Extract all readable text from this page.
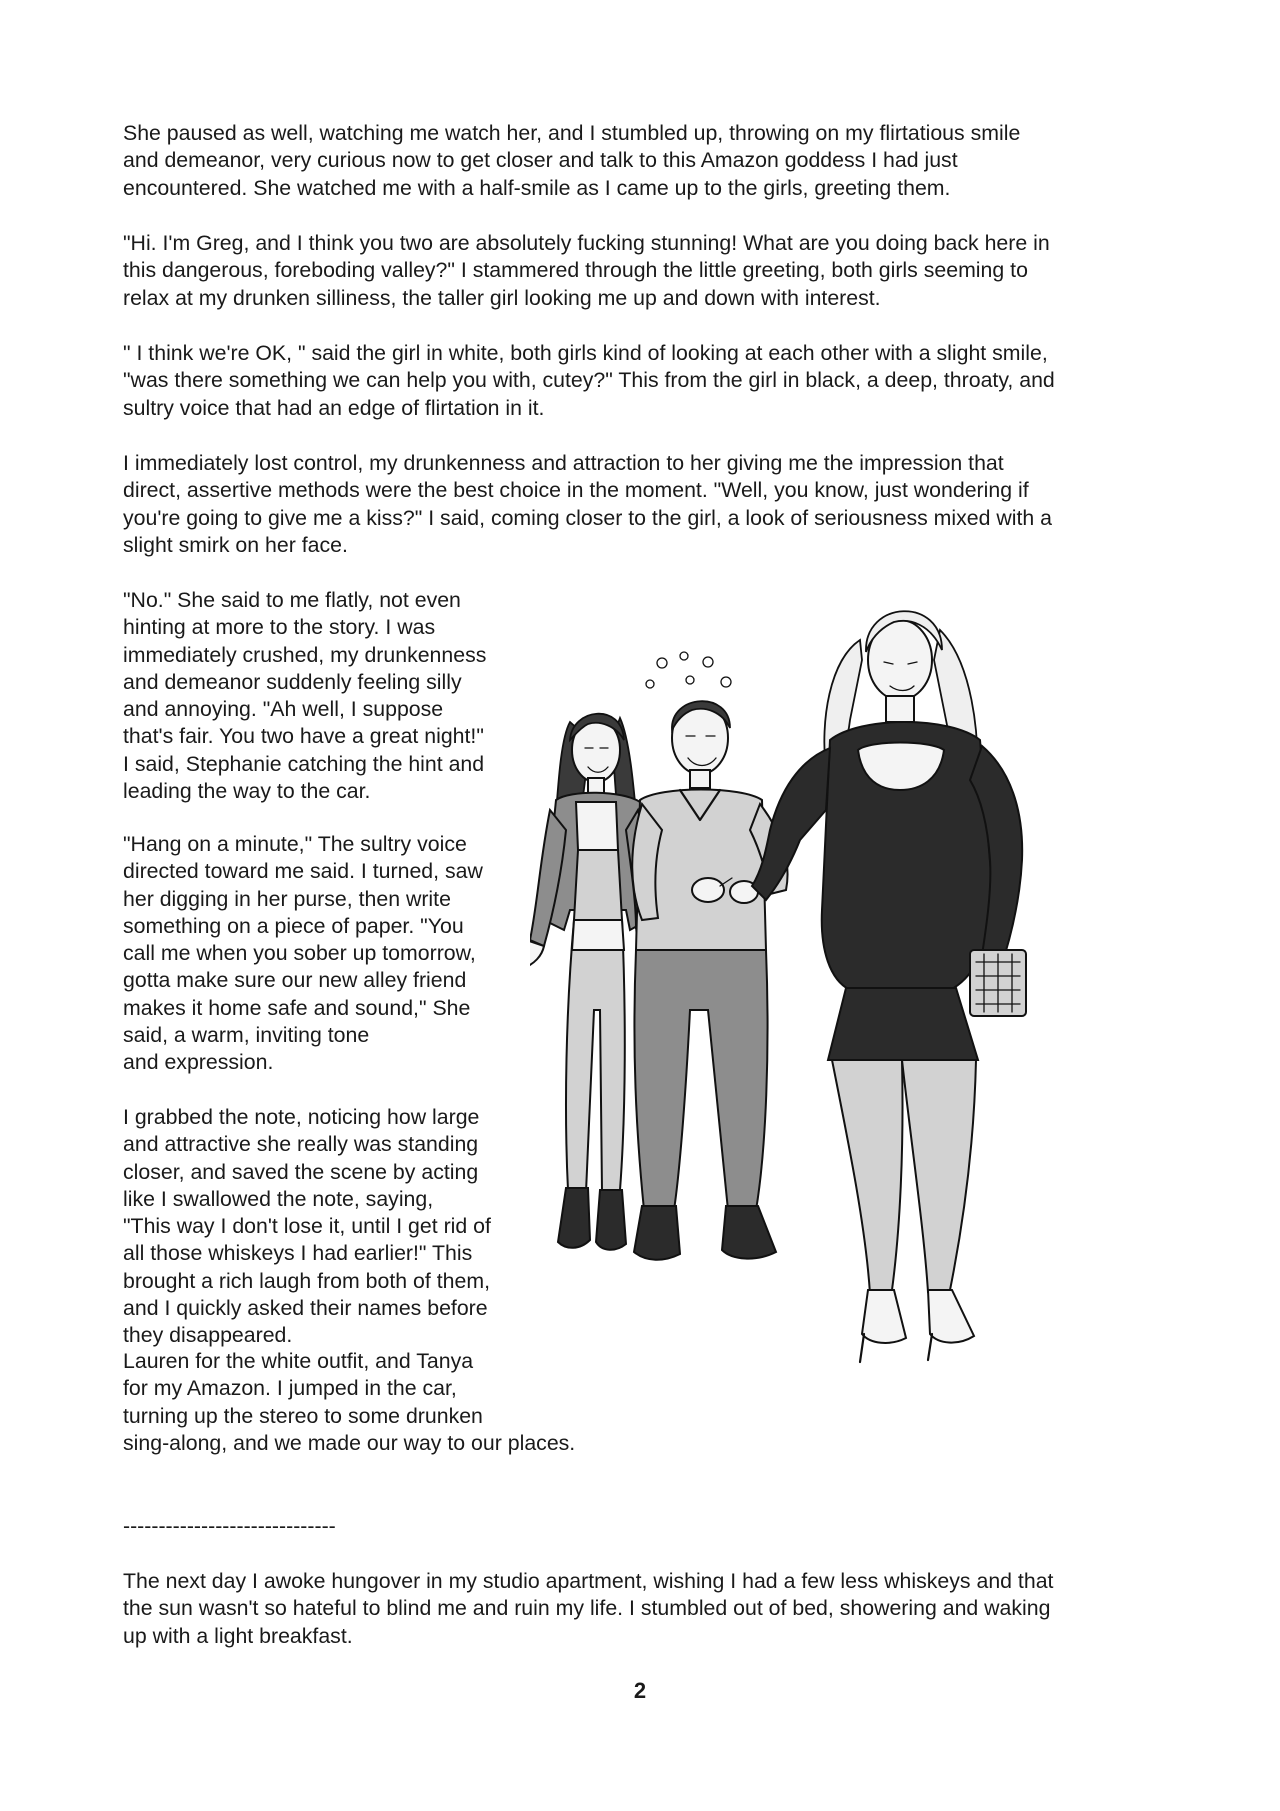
She paused as well, watching me watch her, and I stumbled up, throwing on my flirtatious smile
and demeanor, very curious now to get closer and talk to this Amazon goddess I had just
encountered. She watched me with a half-smile as I came up to the girls, greeting them.

"Hi. I'm Greg, and I think you two are absolutely fucking stunning! What are you doing back here in
this dangerous, foreboding valley?" I stammered through the little greeting, both girls seeming to
relax at my drunken silliness, the taller girl looking me up and down with interest.

" I think we're OK, " said the girl in white, both girls kind of looking at each other with a slight smile,
"was there something we can help you with, cutey?" This from the girl in black, a deep, throaty, and
sultry voice that had an edge of flirtation in it.

I immediately lost control, my drunkenness and attraction to her giving me the impression that
direct, assertive methods were the best choice in the moment. "Well, you know, just wondering if
you're going to give me a kiss?" I said, coming closer to the girl, a look of seriousness mixed with a
slight smirk on her face.

"No." She said to me flatly, not even
hinting at more to the story. I was
immediately crushed, my drunkenness
and demeanor suddenly feeling silly
and annoying. "Ah well, I suppose
that's fair. You two have a great night!"
I said, Stephanie catching the hint and
leading the way to the car.

"Hang on a minute," The sultry voice
directed toward me said. I turned, saw
her digging in her purse, then write
something on a piece of paper. "You
call me when you sober up tomorrow,
gotta make sure our new alley friend
makes it home safe and sound," She
said, a warm, inviting tone
and expression.

I grabbed the note, noticing how large
and attractive she really was standing
closer, and saved the scene by acting
like I swallowed the note, saying,
"This way I don't lose it, until I get rid of
all those whiskeys I had earlier!" This
brought a rich laugh from both of them,
and I quickly asked their names before
they disappeared.

Lauren for the white outfit, and Tanya
for my Amazon. I jumped in the car,
turning up the stereo to some drunken
sing-along, and we made our way to our places.

------------------------------

The next day I awoke hungover in my studio apartment, wishing I had a few less whiskeys and that
the sun wasn't so hateful to blind me and ruin my life. I stumbled out of bed, showering and waking
up with a light breakfast.

2
